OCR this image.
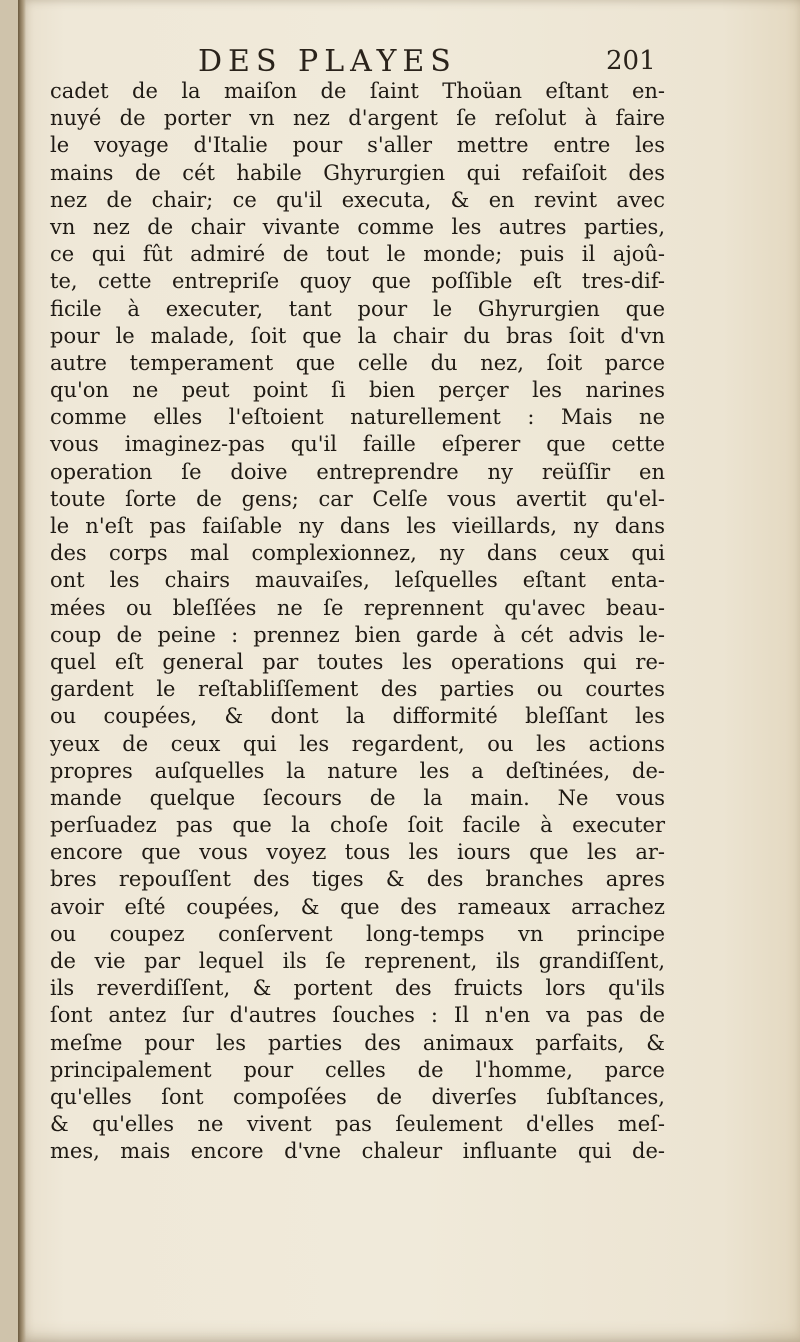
DES PLAYES	201
cadet de la maiſon de ſaint Thoüan eſtant en-
nuyé de porter vn nez d'argent ſe reſolut à faire
le voyage d'Italie pour s'aller mettre entre les
mains de cét habile Ghyrurgien qui refaiſoit des
nez de chair; ce qu'il executa, & en revint avec
vn nez de chair vivante comme les autres parties,
ce qui fût admiré de tout le monde; puis il ajoû-
te, cette entrepriſe quoy que poſſible eſt tres-dif-
ficile à executer, tant pour le Ghyrurgien que
pour le malade, ſoit que la chair du bras ſoit d'vn
autre temperament que celle du nez, ſoit parce
qu'on ne peut point ſi bien perçer les narines
comme elles l'eſtoient naturellement : Mais ne
vous imaginez-pas qu'il faille eſperer que cette
operation ſe doive entreprendre ny reüſſir en
toute ſorte de gens; car Celſe vous avertit qu'el-
le n'eſt pas faiſable ny dans les vieillards, ny dans
des corps mal complexionnez, ny dans ceux qui
ont les chairs mauvaiſes, leſquelles eſtant enta-
mées ou bleſſées ne ſe reprennent qu'avec beau-
coup de peine : prennez bien garde à cét advis le-
quel eſt general par toutes les operations qui re-
gardent le reſtabliſſement des parties ou courtes
ou coupées, & dont la difformité bleſſant les
yeux de ceux qui les regardent, ou les actions
propres auſquelles la nature les a deſtinées, de-
mande quelque ſecours de la main. Ne vous
perſuadez pas que la choſe ſoit facile à executer
encore que vous voyez tous les iours que les ar-
bres repouſſent des tiges & des branches apres
avoir eſté coupées, & que des rameaux arrachez
ou coupez conſervent long-temps vn principe
de vie par lequel ils ſe reprenent, ils grandiſſent,
ils reverdiſſent, & portent des fruicts lors qu'ils
ſont antez ſur d'autres ſouches : Il n'en va pas de
meſme pour les parties des animaux parfaits, &
principalement pour celles de l'homme, parce
qu'elles ſont compoſées de diverſes ſubſtances,
& qu'elles ne vivent pas ſeulement d'elles meſ-
mes, mais encore d'vne chaleur influante qui de-
